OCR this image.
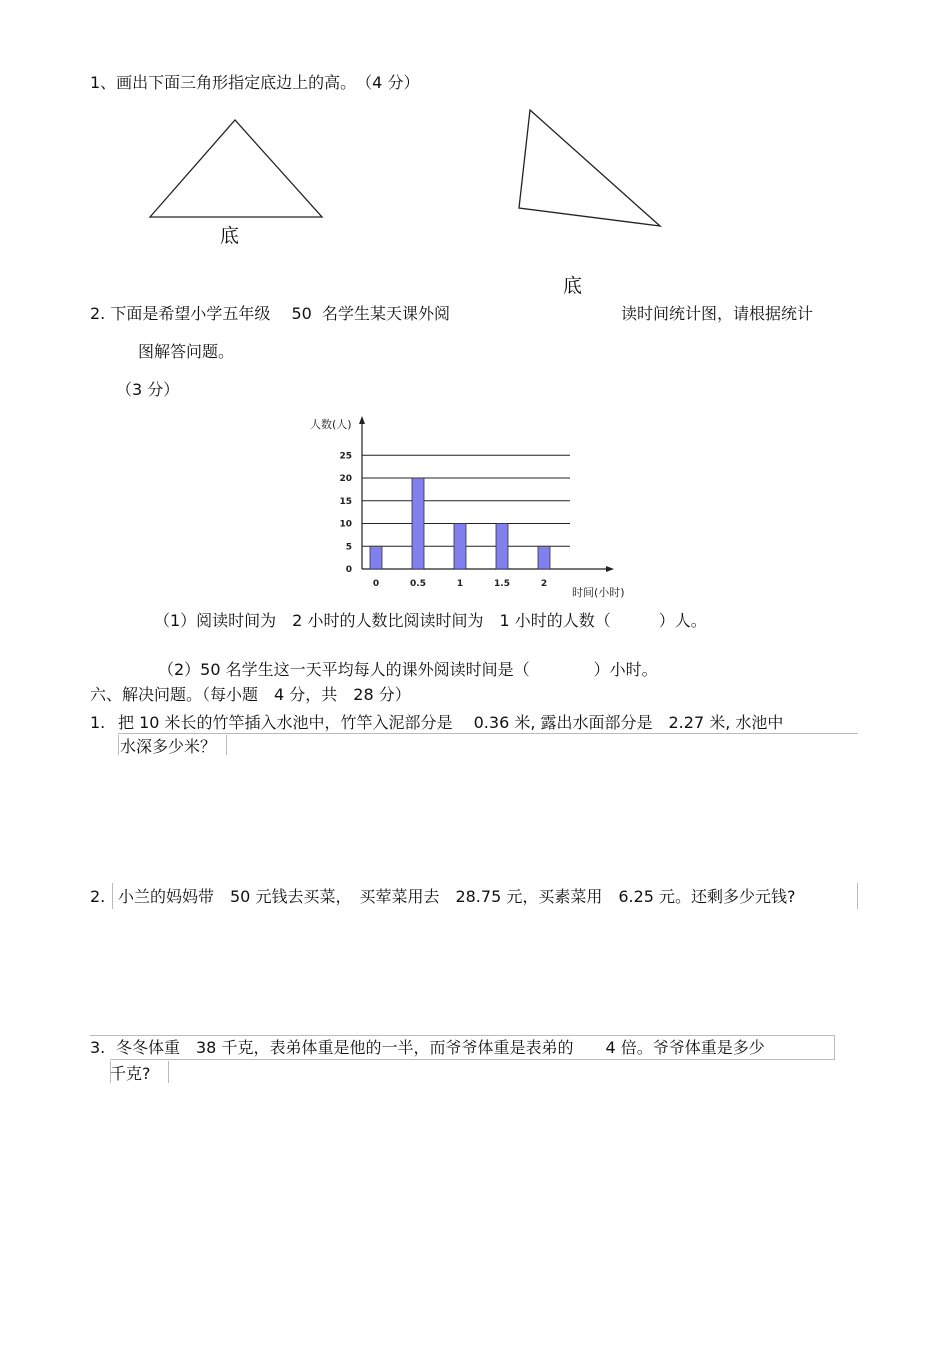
1、画出下面三角形指定底边上的高。　（4 分）
底
底
2. 下面是希望小学五年级　 50  名学生某天课外阅	读时间统计图，请根据统计
图解答问题。
（3 分）
0
5
10
15
20
25
0	0.5	1	1.5	2
人数(人)
时间(小时)
（1）阅读时间为　2 小时的人数比阅读时间为　1 小时的人数（　　　）人。
（2）50 名学生这一天平均每人的课外阅读时间是（　　　　）小时。
六、解决问题。（每小题　4 分，共　28 分）
1. 把 10 米长的竹竿插入水池中，竹竿入泥部分是　 0.36 米, 露出水面部分是　2.27 米, 水池中
水深多少米？
2. 小兰的妈妈带　50 元钱去买菜，　买荤菜用去　28.75 元，买素菜用　6.25 元。还剩多少元钱?
3. 冬冬体重　38 千克，表弟体重是他的一半，而爷爷体重是表弟的　　4 倍。爷爷体重是多少
千克?
